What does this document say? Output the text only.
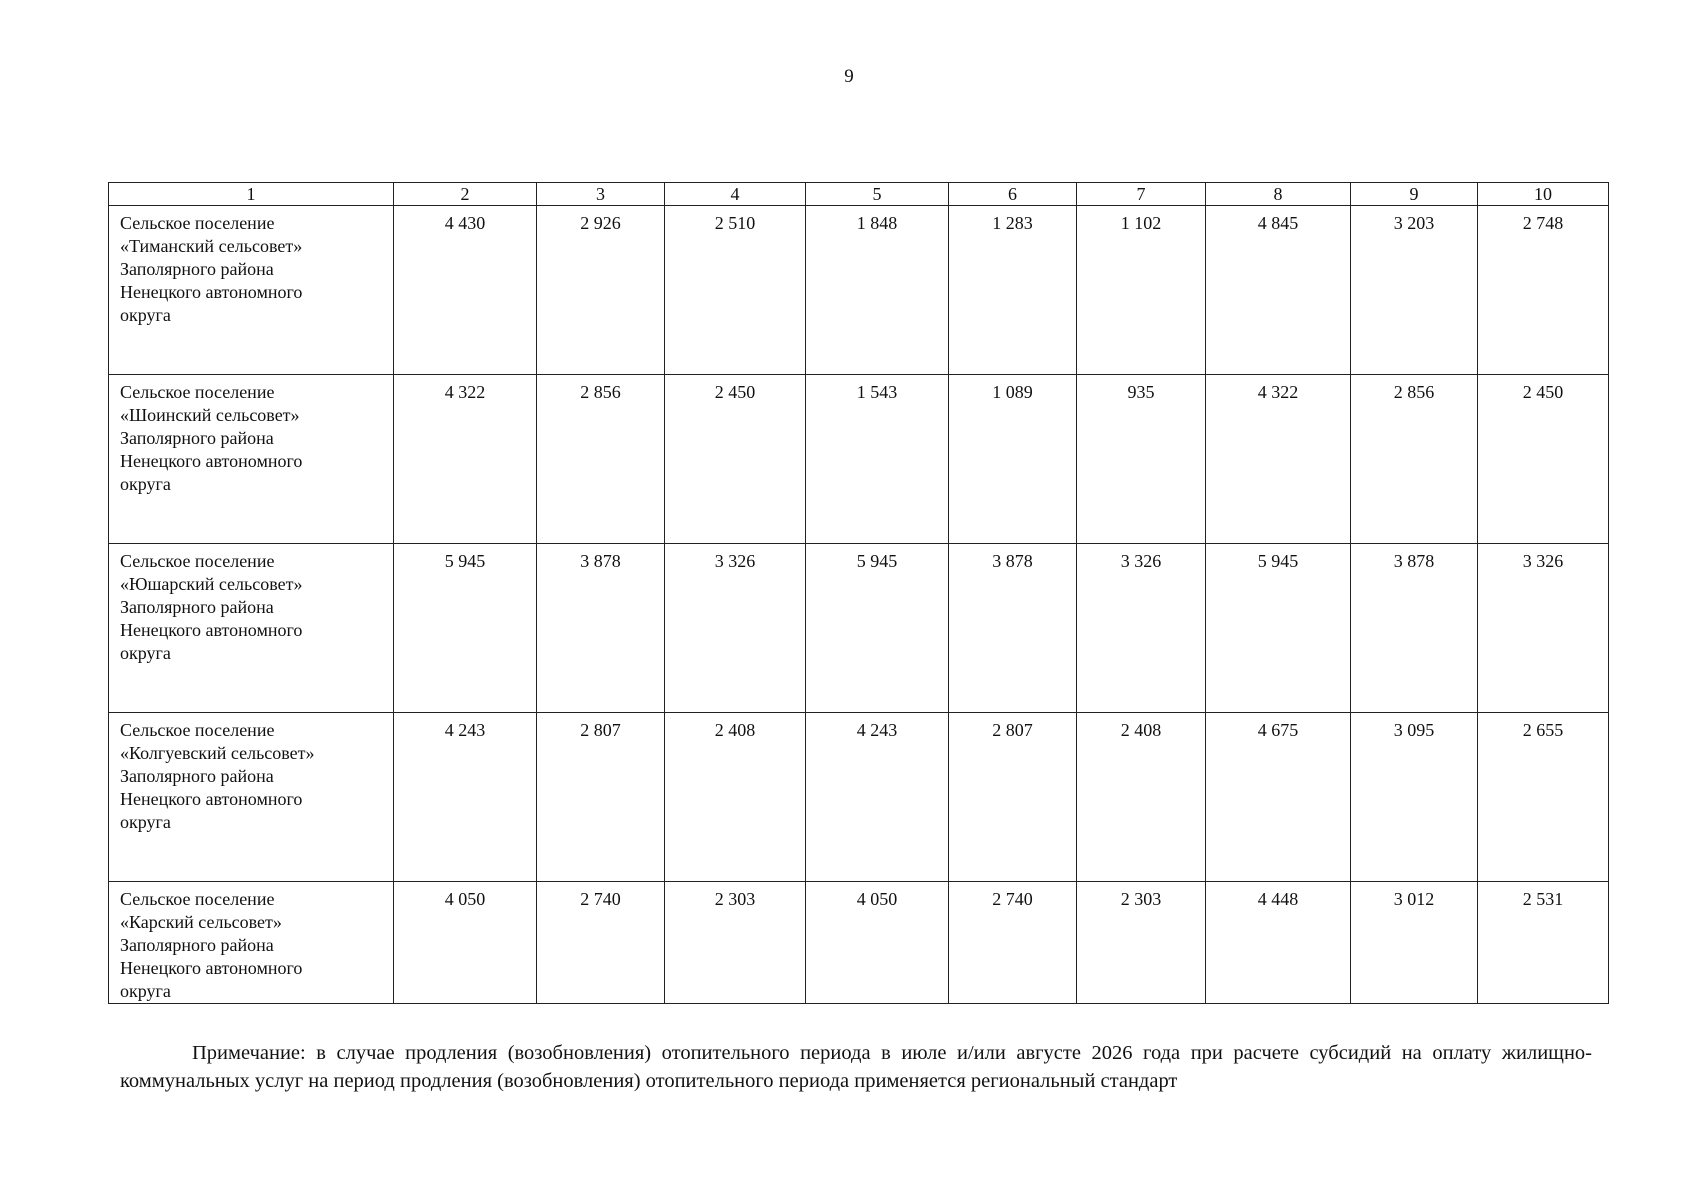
9
1	2	3	4	5	6	7	8	9	10

Сельское поселение
«Тиманский сельсовет»
Заполярного района
Ненецкого автономного
округа	4 430	2 926	2 510	1 848	1 283	1 102	4 845	3 203	2 748

Сельское поселение
«Шоинский сельсовет»
Заполярного района
Ненецкого автономного
округа	4 322	2 856	2 450	1 543	1 089	935	4 322	2 856	2 450

Сельское поселение
«Юшарский сельсовет»
Заполярного района
Ненецкого автономного
округа	5 945	3 878	3 326	5 945	3 878	3 326	5 945	3 878	3 326

Сельское поселение
«Колгуевский сельсовет»
Заполярного района
Ненецкого автономного
округа	4 243	2 807	2 408	4 243	2 807	2 408	4 675	3 095	2 655

Сельское поселение
«Карский сельсовет»
Заполярного района
Ненецкого автономного
округа	4 050	2 740	2 303	4 050	2 740	2 303	4 448	3 012	2 531

Примечание: в случае продления (возобновления) отопительного периода в июле и/или августе 2026 года при расчете субсидий на оплату жилищно-коммунальных услуг на период продления (возобновления) отопительного периода применяется региональный стандарт
